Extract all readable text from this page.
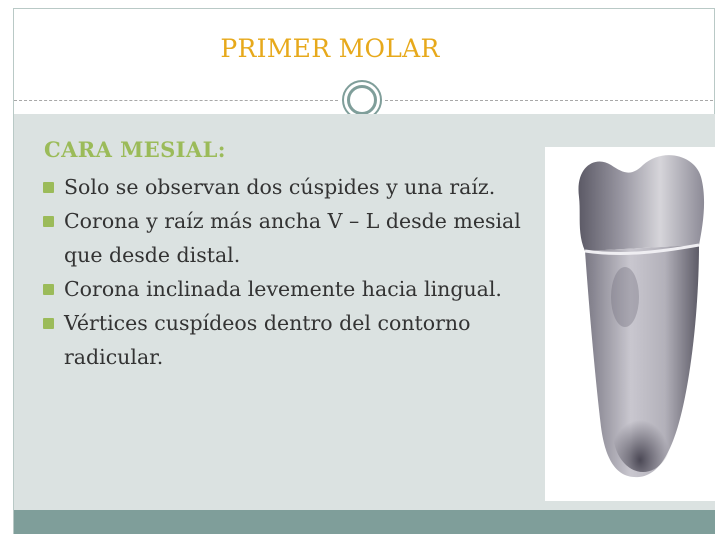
PRIMER MOLAR
CARA MESIAL:
Solo se observan dos cúspides y una raíz.
Corona y raíz más ancha V – L desde mesial que desde distal.
Corona inclinada levemente hacia lingual.
Vértices cuspídeos dentro del contorno radicular.
